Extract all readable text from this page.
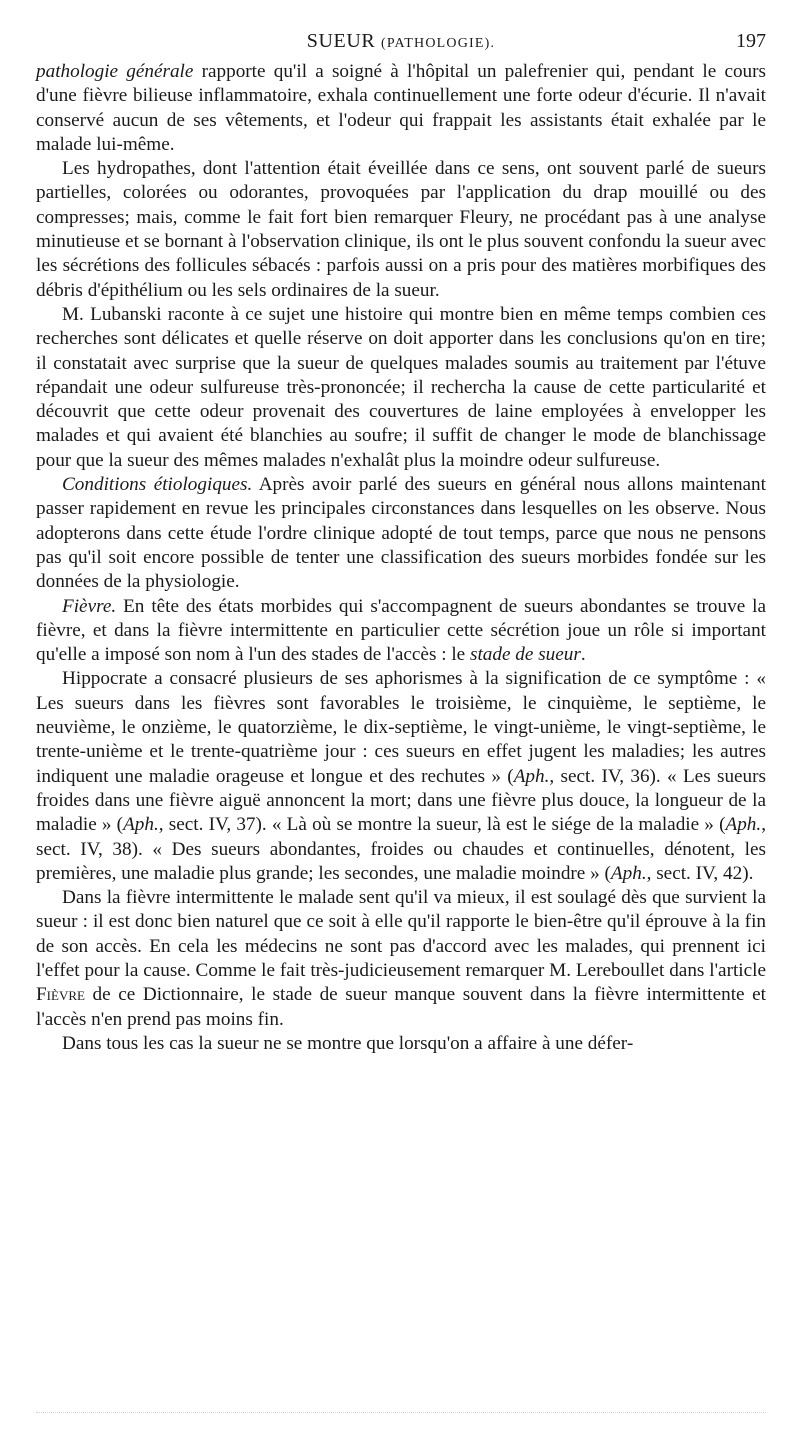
SUEUR (PATHOLOGIE).	197

pathologie générale rapporte qu'il a soigné à l'hôpital un palefrenier qui, pendant le cours d'une fièvre bilieuse inflammatoire, exhala continuellement une forte odeur d'écurie. Il n'avait conservé aucun de ses vêtements, et l'odeur qui frappait les assistants était exhalée par le malade lui-même.

Les hydropathes, dont l'attention était éveillée dans ce sens, ont souvent parlé de sueurs partielles, colorées ou odorantes, provoquées par l'application du drap mouillé ou des compresses; mais, comme le fait fort bien remarquer Fleury, ne procédant pas à une analyse minutieuse et se bornant à l'observation clinique, ils ont le plus souvent confondu la sueur avec les sécrétions des follicules sébacés : parfois aussi on a pris pour des matières morbifiques des débris d'épithélium ou les sels ordinaires de la sueur.

M. Lubanski raconte à ce sujet une histoire qui montre bien en même temps combien ces recherches sont délicates et quelle réserve on doit apporter dans les conclusions qu'on en tire; il constatait avec surprise que la sueur de quelques malades soumis au traitement par l'étuve répandait une odeur sulfureuse très-prononcée; il rechercha la cause de cette particularité et découvrit que cette odeur provenait des couvertures de laine employées à envelopper les malades et qui avaient été blanchies au soufre; il suffit de changer le mode de blanchissage pour que la sueur des mêmes malades n'exhalât plus la moindre odeur sulfureuse.

Conditions étiologiques. Après avoir parlé des sueurs en général nous allons maintenant passer rapidement en revue les principales circonstances dans lesquelles on les observe. Nous adopterons dans cette étude l'ordre clinique adopté de tout temps, parce que nous ne pensons pas qu'il soit encore possible de tenter une classification des sueurs morbides fondée sur les données de la physiologie.

Fièvre. En tête des états morbides qui s'accompagnent de sueurs abondantes se trouve la fièvre, et dans la fièvre intermittente en particulier cette sécrétion joue un rôle si important qu'elle a imposé son nom à l'un des stades de l'accès : le stade de sueur.

Hippocrate a consacré plusieurs de ses aphorismes à la signification de ce symptôme : « Les sueurs dans les fièvres sont favorables le troisième, le cinquième, le septième, le neuvième, le onzième, le quatorzième, le dix-septième, le vingt-unième, le vingt-septième, le trente-unième et le trente-quatrième jour : ces sueurs en effet jugent les maladies; les autres indiquent une maladie orageuse et longue et des rechutes » (Aph., sect. IV, 36). « Les sueurs froides dans une fièvre aiguë annoncent la mort; dans une fièvre plus douce, la longueur de la maladie » (Aph., sect. IV, 37). « Là où se montre la sueur, là est le siége de la maladie » (Aph., sect. IV, 38). « Des sueurs abondantes, froides ou chaudes et continuelles, dénotent, les premières, une maladie plus grande; les secondes, une maladie moindre » (Aph., sect. IV, 42).

Dans la fièvre intermittente le malade sent qu'il va mieux, il est soulagé dès que survient la sueur : il est donc bien naturel que ce soit à elle qu'il rapporte le bien-être qu'il éprouve à la fin de son accès. En cela les médecins ne sont pas d'accord avec les malades, qui prennent ici l'effet pour la cause. Comme le fait très-judicieusement remarquer M. Lereboullet dans l'article Fièvre de ce Dictionnaire, le stade de sueur manque souvent dans la fièvre intermittente et l'accès n'en prend pas moins fin.

Dans tous les cas la sueur ne se montre que lorsqu'on a affaire à une défer-
